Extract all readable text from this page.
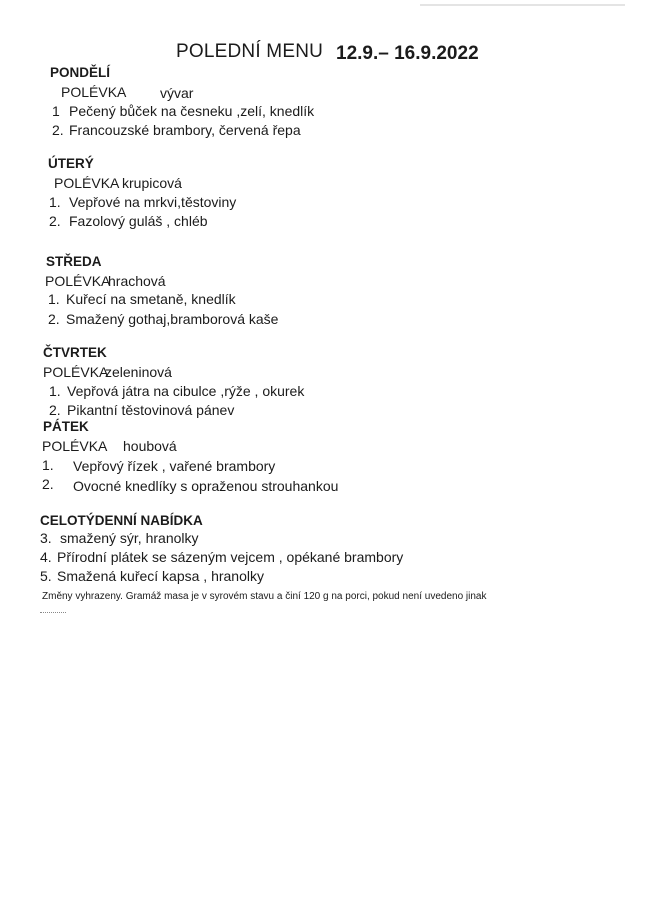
POLEDNÍ MENU 12.9.– 16.9.2022
PONDĚLÍ
POLÉVKA vývar
1 Pečený bůček na česneku ,zelí, knedlík
2. Francouzské brambory, červená řepa
ÚTERÝ
POLÉVKA krupicová
1. Vepřové na mrkvi,těstoviny
2. Fazolový guláš , chléb
STŘEDA
POLÉVKA
hrachová
1. Kuřecí na smetaně, knedlík
2. Smažený gothaj,bramborová kaše
ČTVRTEK
POLÉVKA
zeleninová
1. Vepřová játra na cibulce ,rýže , okurek
2. Pikantní těstovinová pánev
PÁTEK
POLÉVKA houbová
1. Vepřový řízek , vařené brambory
2. Ovocné knedlíky s opraženou strouhankou
CELOTÝDENNÍ NABÍDKA
3. smažený sýr, hranolky
4. Přírodní plátek se sázeným vejcem , opékané brambory
5. Smažená kuřecí kapsa , hranolky
Změny vyhrazeny. Gramáž masa je v syrovém stavu a činí 120 g na porci, pokud není uvedeno jinak
